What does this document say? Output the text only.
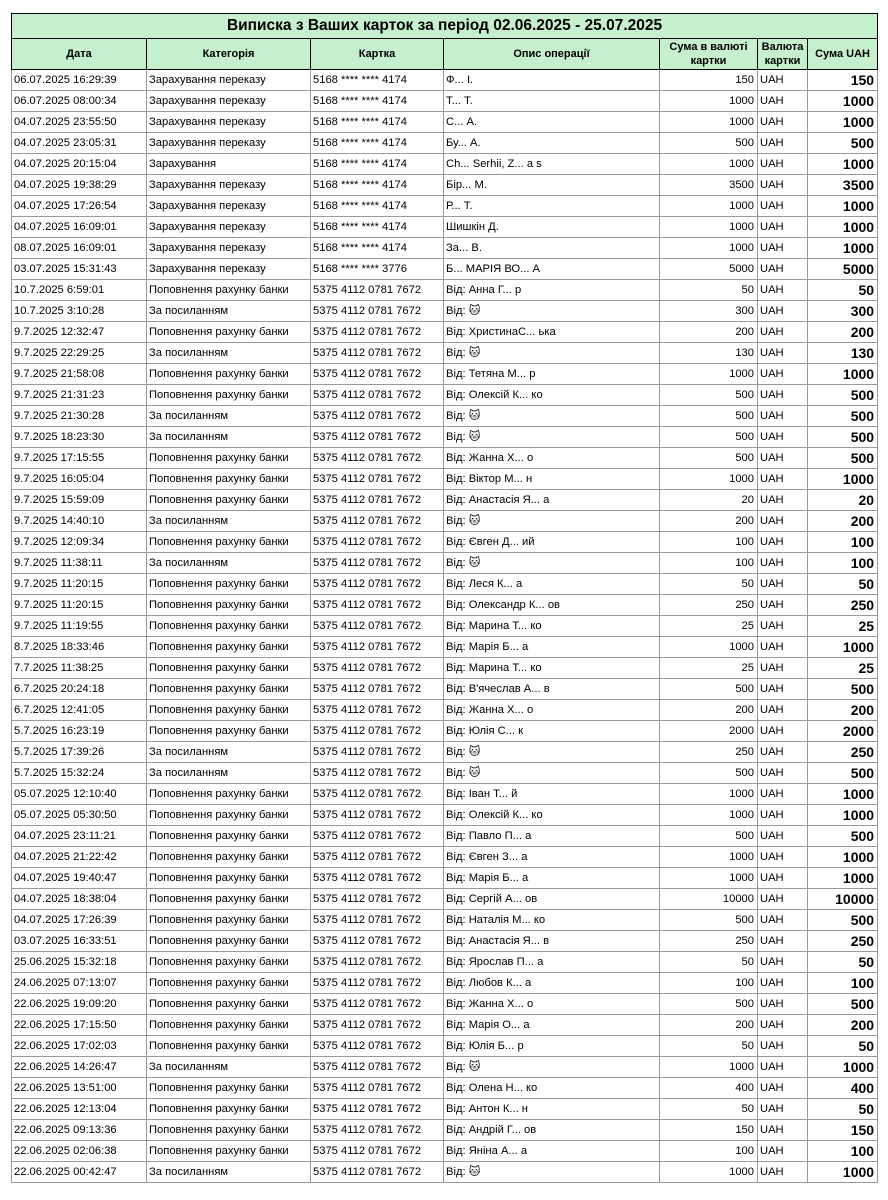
Виписка з Ваших карток за період 02.06.2025 - 25.07.2025						
Дата	Категорія	Картка	Опис операції	Сума в валюті картки	Валюта картки	Сума UAH
06.07.2025 16:29:39	Зарахування переказу	5168 **** **** 4174	Ф... І.	150	UAH	150
06.07.2025 08:00:34	Зарахування переказу	5168 **** **** 4174	Т... Т.	1000	UAH	1000
04.07.2025 23:55:50	Зарахування переказу	5168 **** **** 4174	С... А.	1000	UAH	1000
04.07.2025 23:05:31	Зарахування переказу	5168 **** **** 4174	Бу... А.	500	UAH	500
04.07.2025 20:15:04	Зарахування	5168 **** **** 4174	Ch... Serhii, Z... a s	1000	UAH	1000
04.07.2025 19:38:29	Зарахування переказу	5168 **** **** 4174	Бір... М.	3500	UAH	3500
04.07.2025 17:26:54	Зарахування переказу	5168 **** **** 4174	Р... Т.	1000	UAH	1000
04.07.2025 16:09:01	Зарахування переказу	5168 **** **** 4174	Шишкін Д.	1000	UAH	1000
08.07.2025 16:09:01	Зарахування переказу	5168 **** **** 4174	За... В.	1000	UAH	1000
03.07.2025 15:31:43	Зарахування переказу	5168 **** **** 3776	Б... МАРІЯ ВО... А	5000	UAH	5000
10.7.2025 6:59:01	Поповнення рахунку банки	5375 4112 0781 7672	Від: Анна Г... р	50	UAH	50
10.7.2025 3:10:28	За посиланням	5375 4112 0781 7672	Від: 🐱	300	UAH	300
9.7.2025 12:32:47	Поповнення рахунку банки	5375 4112 0781 7672	Від: ХристинаС... ька	200	UAH	200
9.7.2025 22:29:25	За посиланням	5375 4112 0781 7672	Від: 🐱	130	UAH	130
9.7.2025 21:58:08	Поповнення рахунку банки	5375 4112 0781 7672	Від: Тетяна М... р	1000	UAH	1000
9.7.2025 21:31:23	Поповнення рахунку банки	5375 4112 0781 7672	Від: Олексій К... ко	500	UAH	500
9.7.2025 21:30:28	За посиланням	5375 4112 0781 7672	Від: 🐱	500	UAH	500
9.7.2025 18:23:30	За посиланням	5375 4112 0781 7672	Від: 🐱	500	UAH	500
9.7.2025 17:15:55	Поповнення рахунку банки	5375 4112 0781 7672	Від: Жанна Х... о	500	UAH	500
9.7.2025 16:05:04	Поповнення рахунку банки	5375 4112 0781 7672	Від: Віктор М... н	1000	UAH	1000
9.7.2025 15:59:09	Поповнення рахунку банки	5375 4112 0781 7672	Від: Анастасія Я... а	20	UAH	20
9.7.2025 14:40:10	За посиланням	5375 4112 0781 7672	Від: 🐱	200	UAH	200
9.7.2025 12:09:34	Поповнення рахунку банки	5375 4112 0781 7672	Від: Євген Д... ий	100	UAH	100
9.7.2025 11:38:11	За посиланням	5375 4112 0781 7672	Від: 🐱	100	UAH	100
9.7.2025 11:20:15	Поповнення рахунку банки	5375 4112 0781 7672	Від: Леся К... а	50	UAH	50
9.7.2025 11:20:15	Поповнення рахунку банки	5375 4112 0781 7672	Від: Олександр К... ов	250	UAH	250
9.7.2025 11:19:55	Поповнення рахунку банки	5375 4112 0781 7672	Від: Марина Т... ко	25	UAH	25
8.7.2025 18:33:46	Поповнення рахунку банки	5375 4112 0781 7672	Від: Марія Б... а	1000	UAH	1000
7.7.2025 11:38:25	Поповнення рахунку банки	5375 4112 0781 7672	Від: Марина Т... ко	25	UAH	25
6.7.2025 20:24:18	Поповнення рахунку банки	5375 4112 0781 7672	Від: В'ячеслав А... в	500	UAH	500
6.7.2025 12:41:05	Поповнення рахунку банки	5375 4112 0781 7672	Від: Жанна Х... о	200	UAH	200
5.7.2025 16:23:19	Поповнення рахунку банки	5375 4112 0781 7672	Від: Юлія С... к	2000	UAH	2000
5.7.2025 17:39:26	За посиланням	5375 4112 0781 7672	Від: 🐱	250	UAH	250
5.7.2025 15:32:24	За посиланням	5375 4112 0781 7672	Від: 🐱	500	UAH	500
05.07.2025 12:10:40	Поповнення рахунку банки	5375 4112 0781 7672	Від: Іван Т... й	1000	UAH	1000
05.07.2025 05:30:50	Поповнення рахунку банки	5375 4112 0781 7672	Від: Олексій К... ко	1000	UAH	1000
04.07.2025 23:11:21	Поповнення рахунку банки	5375 4112 0781 7672	Від: Павло П... а	500	UAH	500
04.07.2025 21:22:42	Поповнення рахунку банки	5375 4112 0781 7672	Від: Євген З... а	1000	UAH	1000
04.07.2025 19:40:47	Поповнення рахунку банки	5375 4112 0781 7672	Від: Марія Б... а	1000	UAH	1000
04.07.2025 18:38:04	Поповнення рахунку банки	5375 4112 0781 7672	Від: Сергій А... ов	10000	UAH	10000
04.07.2025 17:26:39	Поповнення рахунку банки	5375 4112 0781 7672	Від: Наталія М... ко	500	UAH	500
03.07.2025 16:33:51	Поповнення рахунку банки	5375 4112 0781 7672	Від: Анастасія Я... в	250	UAH	250
25.06.2025 15:32:18	Поповнення рахунку банки	5375 4112 0781 7672	Від: Ярослав П... а	50	UAH	50
24.06.2025 07:13:07	Поповнення рахунку банки	5375 4112 0781 7672	Від: Любов К... а	100	UAH	100
22.06.2025 19:09:20	Поповнення рахунку банки	5375 4112 0781 7672	Від: Жанна Х... о	500	UAH	500
22.06.2025 17:15:50	Поповнення рахунку банки	5375 4112 0781 7672	Від: Марія О... а	200	UAH	200
22.06.2025 17:02:03	Поповнення рахунку банки	5375 4112 0781 7672	Від: Юлія Б... р	50	UAH	50
22.06.2025 14:26:47	За посиланням	5375 4112 0781 7672	Від: 🐱	1000	UAH	1000
22.06.2025 13:51:00	Поповнення рахунку банки	5375 4112 0781 7672	Від: Олена Н... ко	400	UAH	400
22.06.2025 12:13:04	Поповнення рахунку банки	5375 4112 0781 7672	Від: Антон К... н	50	UAH	50
22.06.2025 09:13:36	Поповнення рахунку банки	5375 4112 0781 7672	Від: Андрій Г... ов	150	UAH	150
22.06.2025 02:06:38	Поповнення рахунку банки	5375 4112 0781 7672	Від: Яніна А... а	100	UAH	100
22.06.2025 00:42:47	За посиланням	5375 4112 0781 7672	Від: 🐱	1000	UAH	1000
